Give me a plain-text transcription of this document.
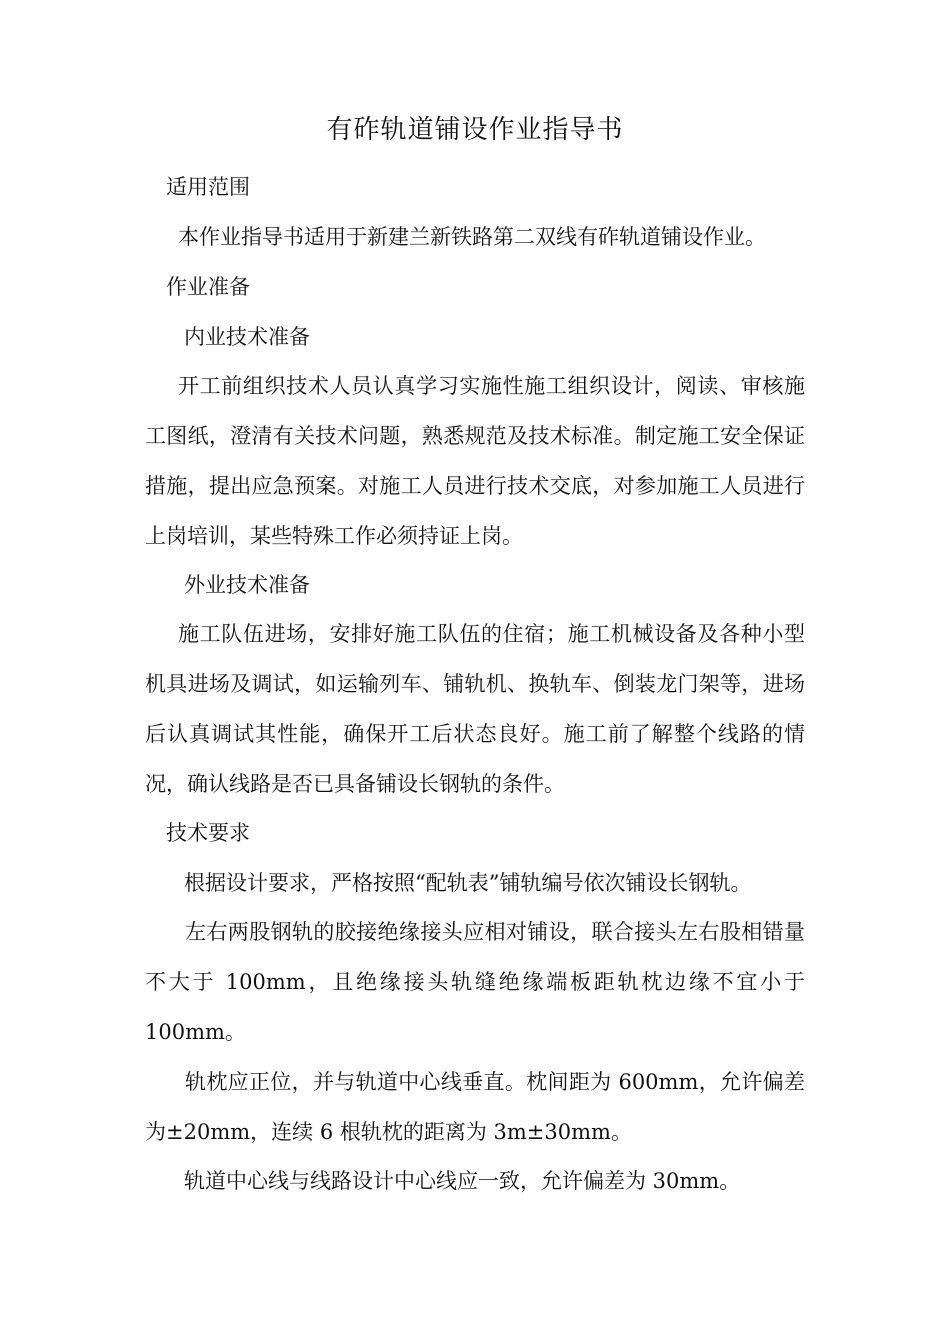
有砟轨道铺设作业指导书
适用范围
本作业指导书适用于新建兰新铁路第二双线有砟轨道铺设作业。
作业准备
内业技术准备
开工前组织技术人员认真学习实施性施工组织设计，阅读、审核施工图纸，澄清有关技术问题，熟悉规范及技术标准。制定施工安全保证措施，提出应急预案。对施工人员进行技术交底，对参加施工人员进行上岗培训，某些特殊工作必须持证上岗。
外业技术准备
施工队伍进场，安排好施工队伍的住宿；施工机械设备及各种小型机具进场及调试，如运输列车、铺轨机、换轨车、倒装龙门架等，进场后认真调试其性能，确保开工后状态良好。施工前了解整个线路的情况，确认线路是否已具备铺设长钢轨的条件。
技术要求
根据设计要求，严格按照“配轨表”铺轨编号依次铺设长钢轨。
左右两股钢轨的胶接绝缘接头应相对铺设，联合接头左右股相错量不大于 100mm，且绝缘接头轨缝绝缘端板距轨枕边缘不宜小于100mm。
轨枕应正位，并与轨道中心线垂直。枕间距为 600mm，允许偏差为±20mm，连续 6 根轨枕的距离为 3m±30mm。
轨道中心线与线路设计中心线应一致，允许偏差为 30mm。
